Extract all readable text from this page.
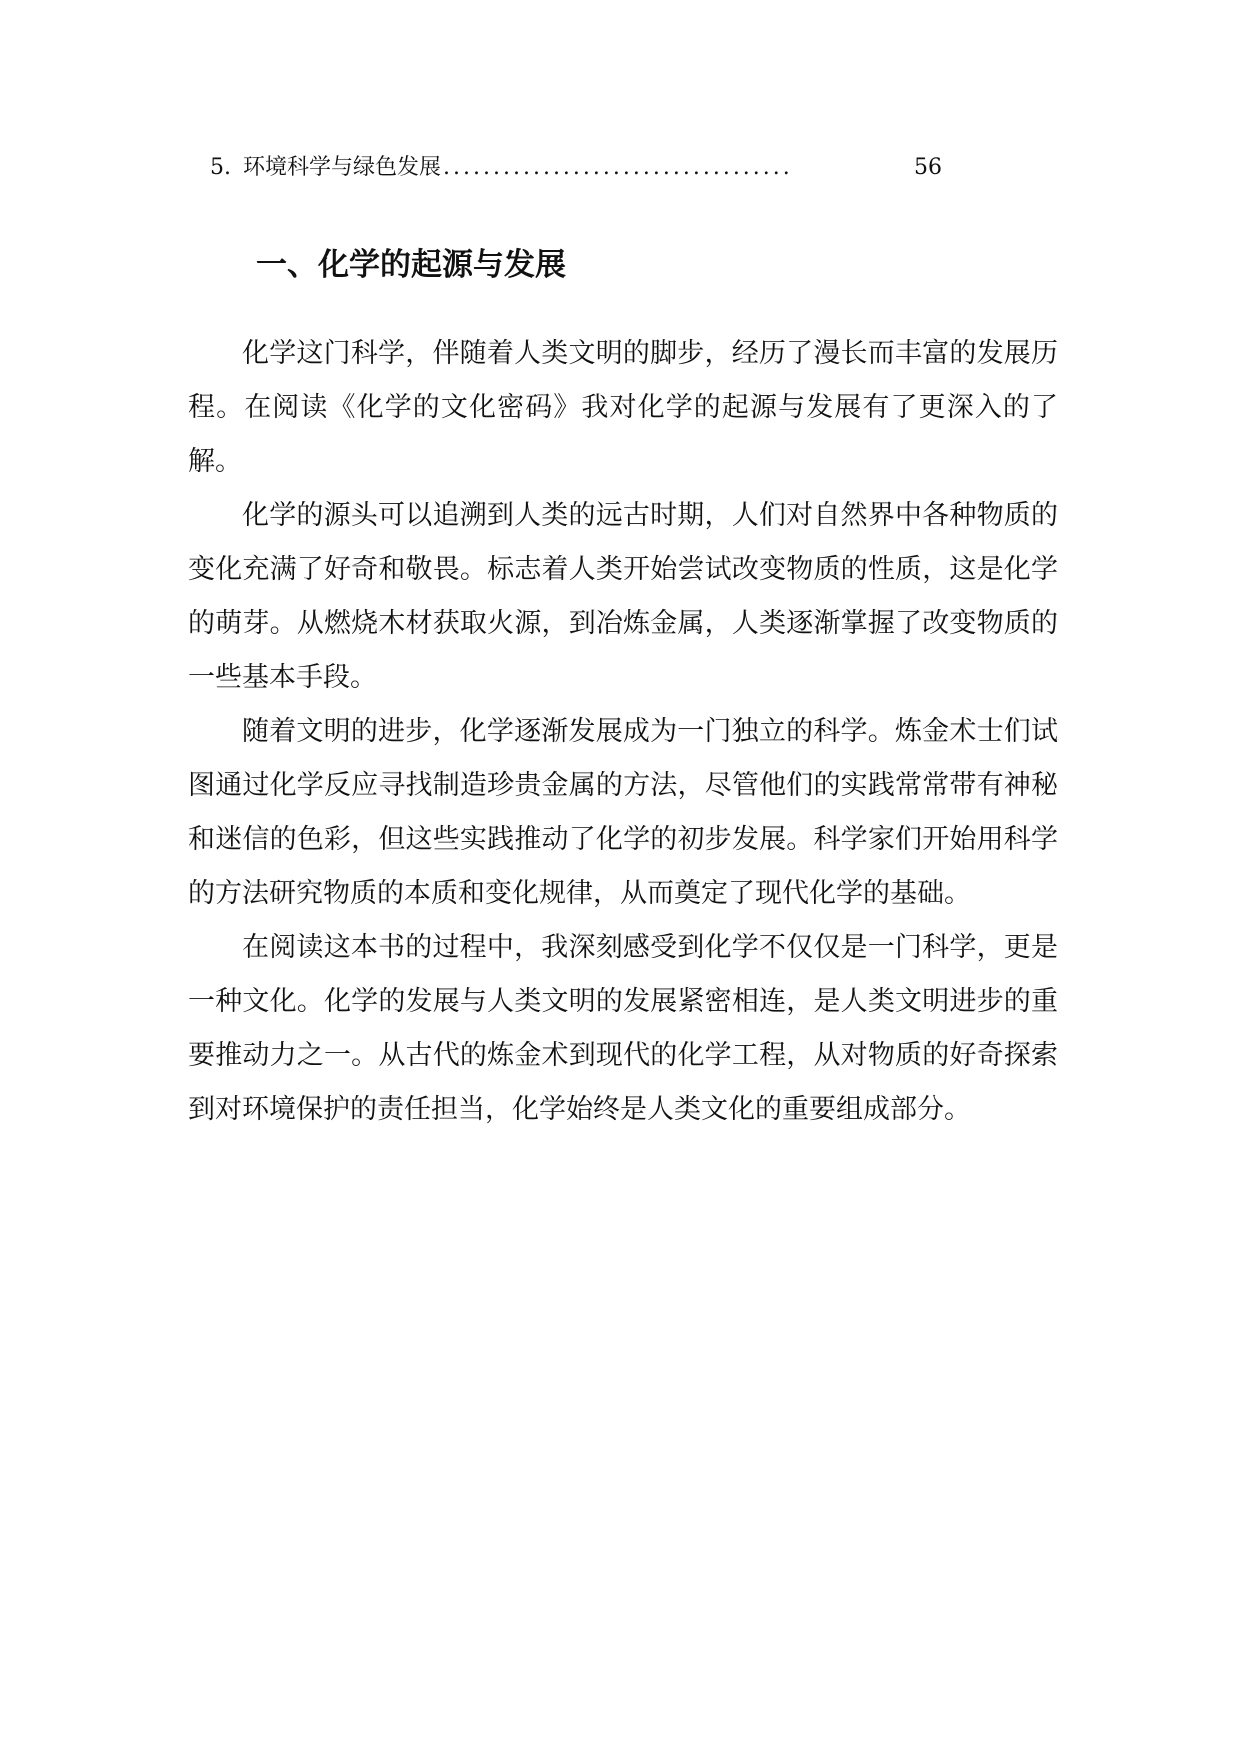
5. 环境科学与绿色发展 ...................................	56
一、化学的起源与发展

化学这门科学，伴随着人类文明的脚步，经历了漫长而丰富的发展历程。在阅读《化学的文化密码》我对化学的起源与发展有了更深入的了解。

化学的源头可以追溯到人类的远古时期，人们对自然界中各种物质的变化充满了好奇和敬畏。标志着人类开始尝试改变物质的性质，这是化学的萌芽。从燃烧木材获取火源，到冶炼金属，人类逐渐掌握了改变物质的一些基本手段。

随着文明的进步，化学逐渐发展成为一门独立的科学。炼金术士们试图通过化学反应寻找制造珍贵金属的方法，尽管他们的实践常常带有神秘和迷信的色彩，但这些实践推动了化学的初步发展。科学家们开始用科学的方法研究物质的本质和变化规律，从而奠定了现代化学的基础。

在阅读这本书的过程中，我深刻感受到化学不仅仅是一门科学，更是一种文化。化学的发展与人类文明的发展紧密相连，是人类文明进步的重要推动力之一。从古代的炼金术到现代的化学工程，从对物质的好奇探索到对环境保护的责任担当，化学始终是人类文化的重要组成部分。
